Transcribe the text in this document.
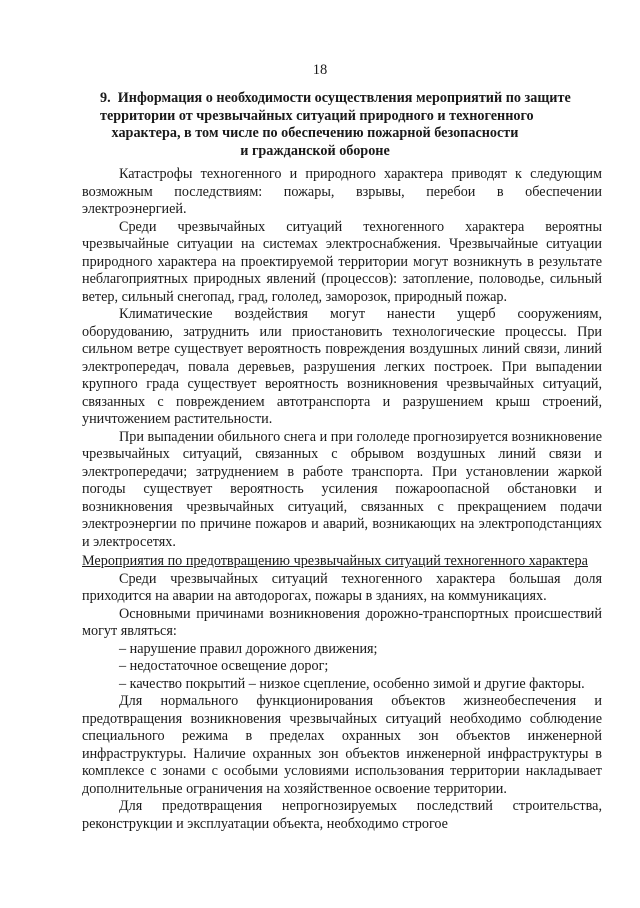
18
9. Информация о необходимости осуществления мероприятий по защите
территории от чрезвычайных ситуаций природного и техногенного
характера, в том числе по обеспечению пожарной безопасности
и гражданской обороне

Катастрофы техногенного и природного характера приводят к следующим возможным последствиям: пожары, взрывы, перебои в обеспечении электроэнергией.

Среди чрезвычайных ситуаций техногенного характера вероятны чрезвычайные ситуации на системах электроснабжения. Чрезвычайные ситуации природного характера на проектируемой территории могут возникнуть в результате неблагоприятных природных явлений (процессов): затопление, половодье, сильный ветер, сильный снегопад, град, гололед, заморозок, природный пожар.

Климатические воздействия могут нанести ущерб сооружениям, оборудованию, затруднить или приостановить технологические процессы. При сильном ветре существует вероятность повреждения воздушных линий связи, линий электропередач, повала деревьев, разрушения легких построек. При выпадении крупного града существует вероятность возникновения чрезвычайных ситуаций, связанных с повреждением автотранспорта и разрушением крыш строений, уничтожением растительности.

При выпадении обильного снега и при гололеде прогнозируется возникновение чрезвычайных ситуаций, связанных с обрывом воздушных линий связи и электропередачи; затруднением в работе транспорта. При установлении жаркой погоды существует вероятность усиления пожароопасной обстановки и возникновения чрезвычайных ситуаций, связанных с прекращением подачи электроэнергии по причине пожаров и аварий, возникающих на электроподстанциях и электросетях.

Мероприятия по предотвращению чрезвычайных ситуаций техногенного характера

Среди чрезвычайных ситуаций техногенного характера большая доля приходится на аварии на автодорогах, пожары в зданиях, на коммуникациях.

Основными причинами возникновения дорожно-транспортных происшествий могут являться:

– нарушение правил дорожного движения;

– недостаточное освещение дорог;

– качество покрытий – низкое сцепление, особенно зимой и другие факторы.

Для нормального функционирования объектов жизнеобеспечения и предотвращения возникновения чрезвычайных ситуаций необходимо соблюдение специального режима в пределах охранных зон объектов инженерной инфраструктуры. Наличие охранных зон объектов инженерной инфраструктуры в комплексе с зонами с особыми условиями использования территории накладывает дополнительные ограничения на хозяйственное освоение территории.

Для предотвращения непрогнозируемых последствий строительства, реконструкции и эксплуатации объекта, необходимо строгое
